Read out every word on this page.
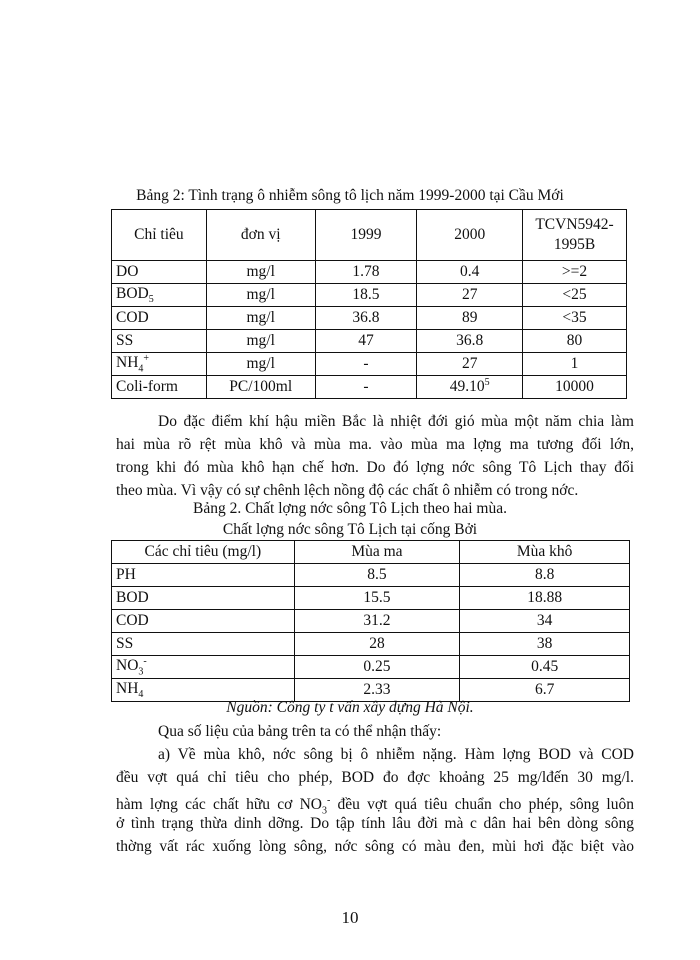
Bảng 2: Tình trạng ô nhiễm sông tô lịch năm 1999-2000 tại Cầu Mới
Chỉ tiêu	đơn vị	1999	2000	TCVN5942-
1995B
DO	mg/l	1.78	0.4	>=2
$BOD_5$	mg/l	18.5	27	<25
COD	mg/l	36.8	89	<35
SS	mg/l	47	36.8	80
$NH_4^+$	mg/l	-	27	1
Coli-form	PC/100ml	-	49.10$^5$	10000
Do đặc điểm khí hậu miền Bắc là nhiệt đới gió mùa một năm chia làm
hai mùa rõ rệt mùa khô và mùa ma. vào mùa ma lợng ma tương đối lớn,
trong khi đó mùa khô hạn chế hơn. Do đó lợng nớc sông Tô Lịch thay đổi
theo mùa. Vì vậy có sự chênh lệch nồng độ các chất ô nhiễm có trong nớc.
Bảng 2. Chất lợng nớc sông Tô Lịch theo hai mùa.
Chất lợng nớc sông Tô Lịch tại cống Bởi
Các chỉ tiêu (mg/l)	Mùa ma	Mùa khô
PH	8.5	8.8
BOD	15.5	18.88
COD	31.2	34
SS	28	38
$NO_3^-$	0.25	0.45
$NH_4$	2.33	6.7
Nguồn: Công ty t vấn xây dựng Hà Nội.
Qua số liệu của bảng trên ta có thể nhận thấy:
a) Về mùa khô, nớc sông bị ô nhiễm nặng. Hàm lợng BOD và COD
đều vợt quá chỉ tiêu cho phép, BOD đo đợc khoảng 25 mg/lđến 30 mg/l.
hàm lợng các chất hữu cơ $NO_3^-$ đều vợt quá tiêu chuẩn cho phép, sông luôn
ở tình trạng thừa dinh dỡng. Do tập tính lâu đời mà c dân hai bên dòng sông
thờng vất rác xuống lòng sông, nớc sông có màu đen, mùi hơi đặc biệt vào
10
